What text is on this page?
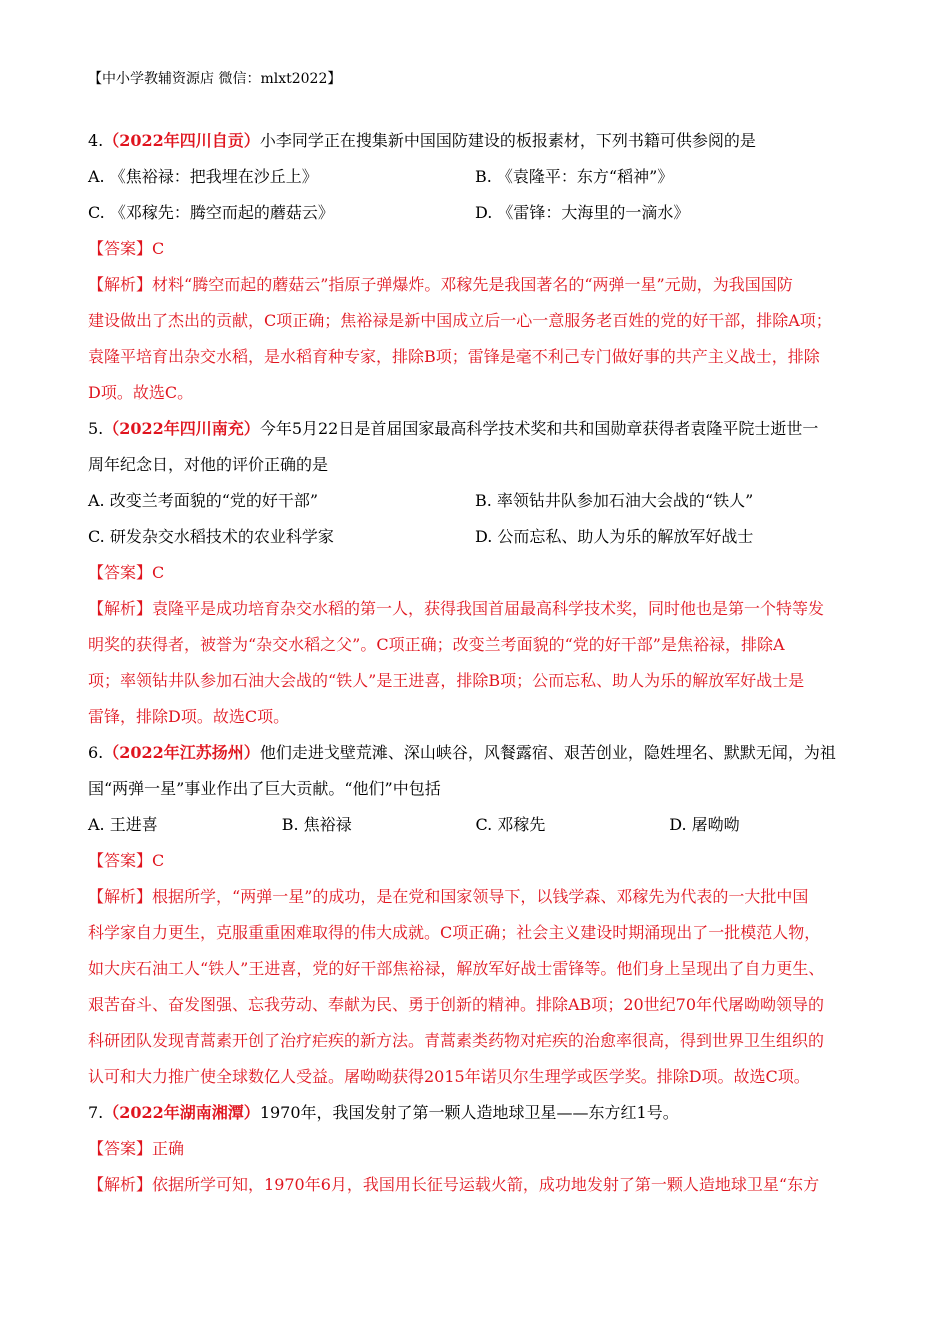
【中小学教辅资源店 微信：mlxt2022】
4.（2022年四川自贡）小李同学正在搜集新中国国防建设的板报素材，下列书籍可供参阅的是
A. 《焦裕禄：把我埋在沙丘上》	B. 《袁隆平：东方“稻神”》
C. 《邓稼先：腾空而起的蘑菇云》	D. 《雷锋：大海里的一滴水》
【答案】C
【解析】材料“腾空而起的蘑菇云”指原子弹爆炸。邓稼先是我国著名的“两弹一星”元勋，为我国国防
建设做出了杰出的贡献，C项正确；焦裕禄是新中国成立后一心一意服务老百姓的党的好干部，排除A项；
袁隆平培育出杂交水稻，是水稻育种专家，排除B项；雷锋是毫不利己专门做好事的共产主义战士，排除
D项。故选C。
5.（2022年四川南充）今年5月22日是首届国家最高科学技术奖和共和国勋章获得者袁隆平院士逝世一
周年纪念日，对他的评价正确的是
A. 改变兰考面貌的“党的好干部”	B. 率领钻井队参加石油大会战的“铁人”
C. 研发杂交水稻技术的农业科学家	D. 公而忘私、助人为乐的解放军好战士
【答案】C
【解析】袁隆平是成功培育杂交水稻的第一人，获得我国首届最高科学技术奖，同时他也是第一个特等发
明奖的获得者，被誉为“杂交水稻之父”。C项正确；改变兰考面貌的“党的好干部”是焦裕禄，排除A
项；率领钻井队参加石油大会战的“铁人”是王进喜，排除B项；公而忘私、助人为乐的解放军好战士是
雷锋，排除D项。故选C项。
6.（2022年江苏扬州）他们走进戈壁荒滩、深山峡谷，风餐露宿、艰苦创业，隐姓埋名、默默无闻，为祖
国“两弹一星”事业作出了巨大贡献。“他们”中包括
A. 王进喜	B. 焦裕禄	C. 邓稼先	D. 屠呦呦
【答案】C
【解析】根据所学，“两弹一星”的成功，是在党和国家领导下，以钱学森、邓稼先为代表的一大批中国
科学家自力更生，克服重重困难取得的伟大成就。C项正确；社会主义建设时期涌现出了一批模范人物，
如大庆石油工人“铁人”王进喜，党的好干部焦裕禄，解放军好战士雷锋等。他们身上呈现出了自力更生、
艰苦奋斗、奋发图强、忘我劳动、奉献为民、勇于创新的精神。排除AB项；20世纪70年代屠呦呦领导的
科研团队发现青蒿素开创了治疗疟疾的新方法。青蒿素类药物对疟疾的治愈率很高，得到世界卫生组织的
认可和大力推广使全球数亿人受益。屠呦呦获得2015年诺贝尔生理学或医学奖。排除D项。故选C项。
7.（2022年湖南湘潭）1970年，我国发射了第一颗人造地球卫星——东方红1号。
【答案】正确
【解析】依据所学可知，1970年6月，我国用长征号运载火箭，成功地发射了第一颗人造地球卫星“东方
